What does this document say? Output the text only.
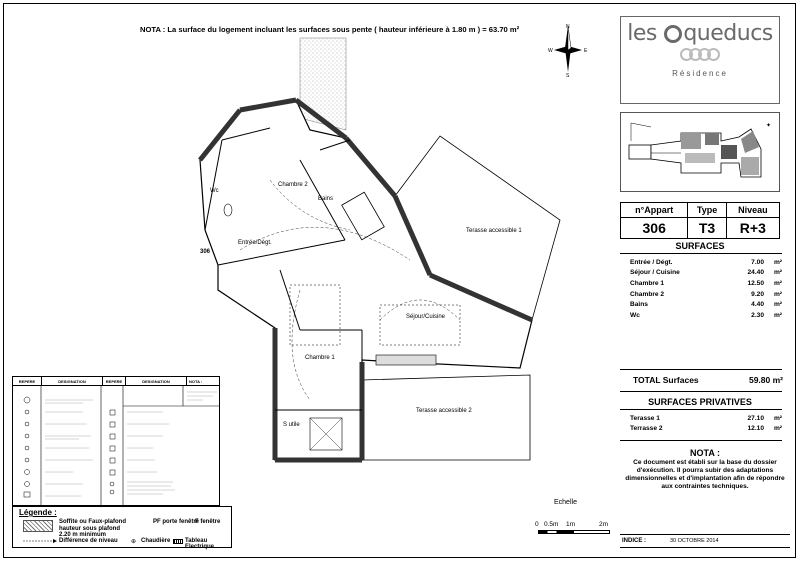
NOTA : La surface du logement incluant les surfaces sous pente ( hauteur inférieure à 1.80 m ) = 63.70 m²	N
E
S
W
les queducs
Résidence
✦
n°Appart	Type	Niveau
306	T3	R+3
SURFACES
Entrée / Dégt.	7.00	m²
Séjour / Cuisine	24.40	m²
Chambre 1	12.50	m²
Chambre 2	9.20	m²
Bains	4.40	m²
Wc	2.30	m²
TOTAL Surfaces	59.80 m²
SURFACES PRIVATIVES
Terasse 1	27.10	m²
Terrasse 2	12.10	m²
NOTA :
Ce document est établi sur la base du dossier d'exécution. Il pourra subir des adaptations dimensionnelles et d'implantation afin de répondre aux contraintes techniques.
INDICE :	30 OCTOBRE 2014
Echelle
0 0.5m 1m	2m
REPERE	DESIGNATION	REPERE	DESIGNATION	NOTA :
Légende :
Soffite ou Faux-plafond
hauteur sous plafond
2.20 m minimum
PF porte fenêtre
F fenêtre
Différence de niveau ⊕ Chaudière Tableau Electrique
Wc
Chambre 2
Bains
Entrée/Dégt.
Séjour/Cuisine
Chambre 1
S utile
Terasse accessible 1
Terasse accessible 2
306
